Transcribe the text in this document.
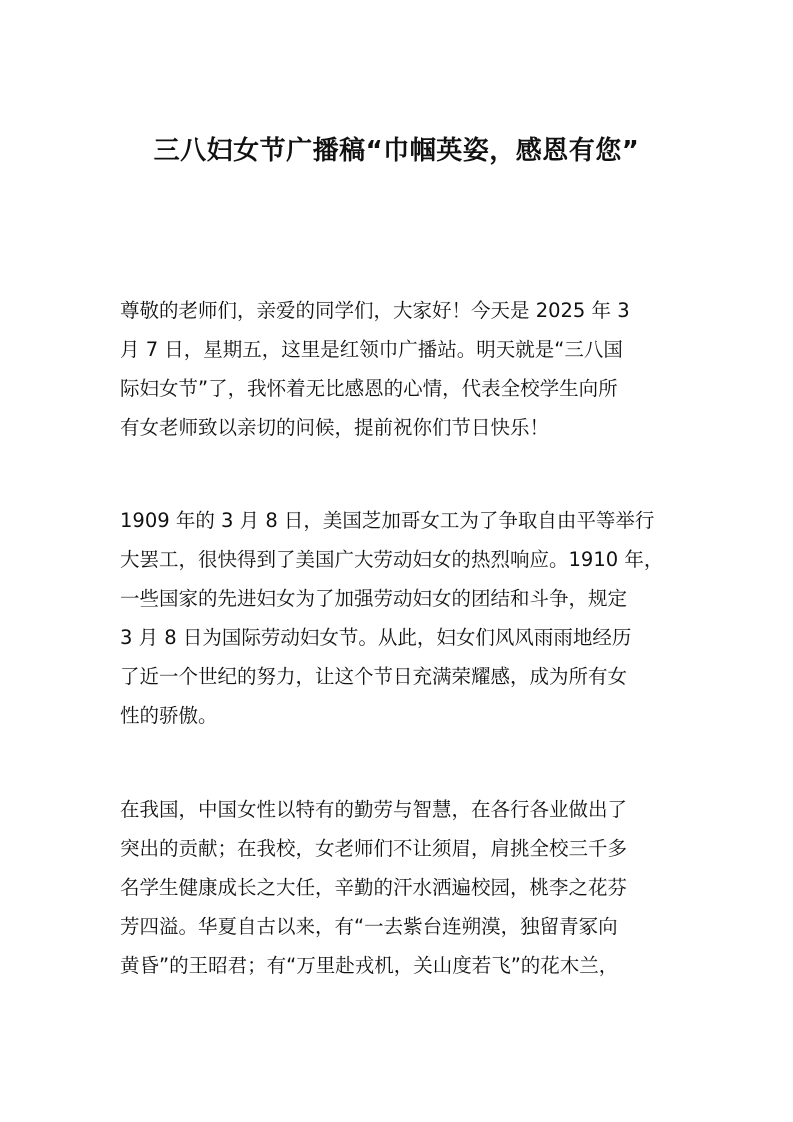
三八妇女节广播稿“巾帼英姿，感恩有您”
尊敬的老师们，亲爱的同学们，大家好！今天是 2025 年 3
月 7 日，星期五，这里是红领巾广播站。明天就是“三八国
际妇女节”了，我怀着无比感恩的心情，代表全校学生向所
有女老师致以亲切的问候，提前祝你们节日快乐！
1909 年的 3 月 8 日，美国芝加哥女工为了争取自由平等举行
大罢工，很快得到了美国广大劳动妇女的热烈响应。1910 年，
一些国家的先进妇女为了加强劳动妇女的团结和斗争，规定
3 月 8 日为国际劳动妇女节。从此，妇女们风风雨雨地经历
了近一个世纪的努力，让这个节日充满荣耀感，成为所有女
性的骄傲。
在我国，中国女性以特有的勤劳与智慧，在各行各业做出了
突出的贡献；在我校，女老师们不让须眉，肩挑全校三千多
名学生健康成长之大任，辛勤的汗水洒遍校园，桃李之花芬
芳四溢。华夏自古以来，有“一去紫台连朔漠，独留青冢向
黄昏”的王昭君；有“万里赴戎机，关山度若飞”的花木兰，
